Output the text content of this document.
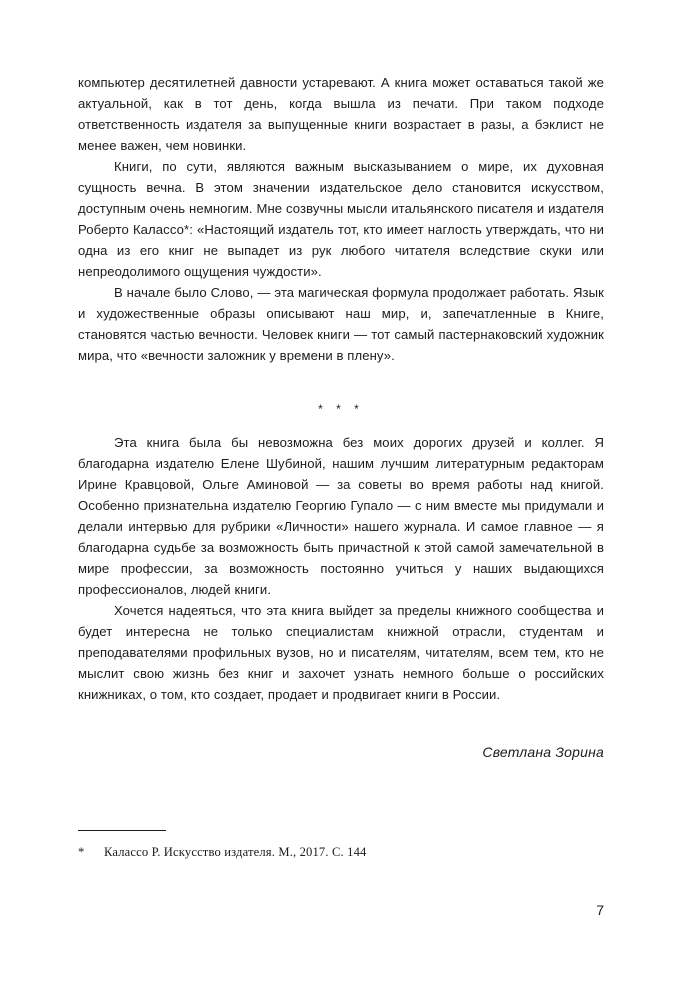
компьютер десятилетней давности устаревают. А книга может оставаться такой же актуальной, как в тот день, когда вышла из печати. При таком подходе ответственность издателя за выпущенные книги возрастает в разы, а бэклист не менее важен, чем новинки.

Книги, по сути, являются важным высказыванием о мире, их духовная сущность вечна. В этом значении издательское дело становится искусством, доступным очень немногим. Мне созвучны мысли итальянского писателя и издателя Роберто Калассо*: «Настоящий издатель тот, кто имеет наглость утверждать, что ни одна из его книг не выпадет из рук любого читателя вследствие скуки или непреодолимого ощущения чуждости».

В начале было Слово, — эта магическая формула продолжает работать. Язык и художественные образы описывают наш мир, и, запечатленные в Книге, становятся частью вечности. Человек книги — тот самый пастернаковский художник мира, что «вечности заложник у времени в плену».

* * *

Эта книга была бы невозможна без моих дорогих друзей и коллег. Я благодарна издателю Елене Шубиной, нашим лучшим литературным редакторам Ирине Кравцовой, Ольге Аминовой — за советы во время работы над книгой. Особенно признательна издателю Георгию Гупало — с ним вместе мы придумали и делали интервью для рубрики «Личности» нашего журнала. И самое главное — я благодарна судьбе за возможность быть причастной к этой самой замечательной в мире профессии, за возможность постоянно учиться у наших выдающихся профессионалов, людей книги.

Хочется надеяться, что эта книга выйдет за пределы книжного сообщества и будет интересна не только специалистам книжной отрасли, студентам и преподавателями профильных вузов, но и писателям, читателям, всем тем, кто не мыслит свою жизнь без книг и захочет узнать немного больше о российских книжниках, о том, кто создает, продает и продвигает книги в России.

Светлана Зорина

*	Калассо Р. Искусство издателя. М., 2017. С. 144
7
